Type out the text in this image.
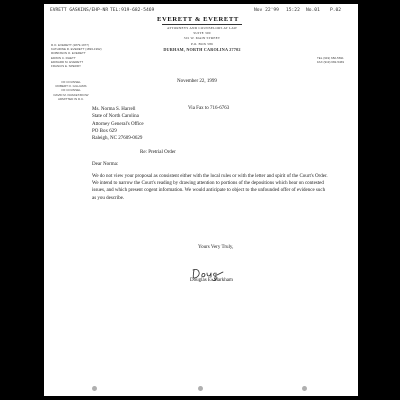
EVRETT GASKINS/EHP-NR TEL:919-682-5469	Nov 22'99 15:22 No.01 P.02
EVERETT & EVERETT
ATTORNEYS AND COUNSELORS AT LAW
SUITE 300
301 W. MAIN STREET
P.O. BOX 586
DURHAM, NORTH CAROLINA 27702
R.O. EVERETT (1879-1977)
KATHRINE R. EVERETT (1893-1992)
ROBINSON O. EVERETT
EDWIN C. RHETT
EDWARD M. EVERETT
FRANCIS E. SPERRY
OF COUNSEL
ROBERT O. GILLIAMS
OF COUNSEL
DAVID M. KRAKETZKOW
ADMITTED IN D.C.
TEL (919) 682-5691
FAX (919) 682-5469
November 22, 1999
Ms. Norma S. Harrell
State of North Carolina
Attorney General's Office
PO Box 629
Raleigh, NC 27609-0629
Via Fax to 716-6763
Re: Pretrial Order
Dear Norma:
We do not view your proposal as consistent either with the local rules or with the letter and spirit of the Court's Order. We intend to narrow the Court's reading by drawing attention to portions of the depositions which bear on contested issues, and which present cogent information. We would anticipate to object to the unfounded offer of evidence such as you describe.
Yours Very Truly,
Douglas E. Markham
